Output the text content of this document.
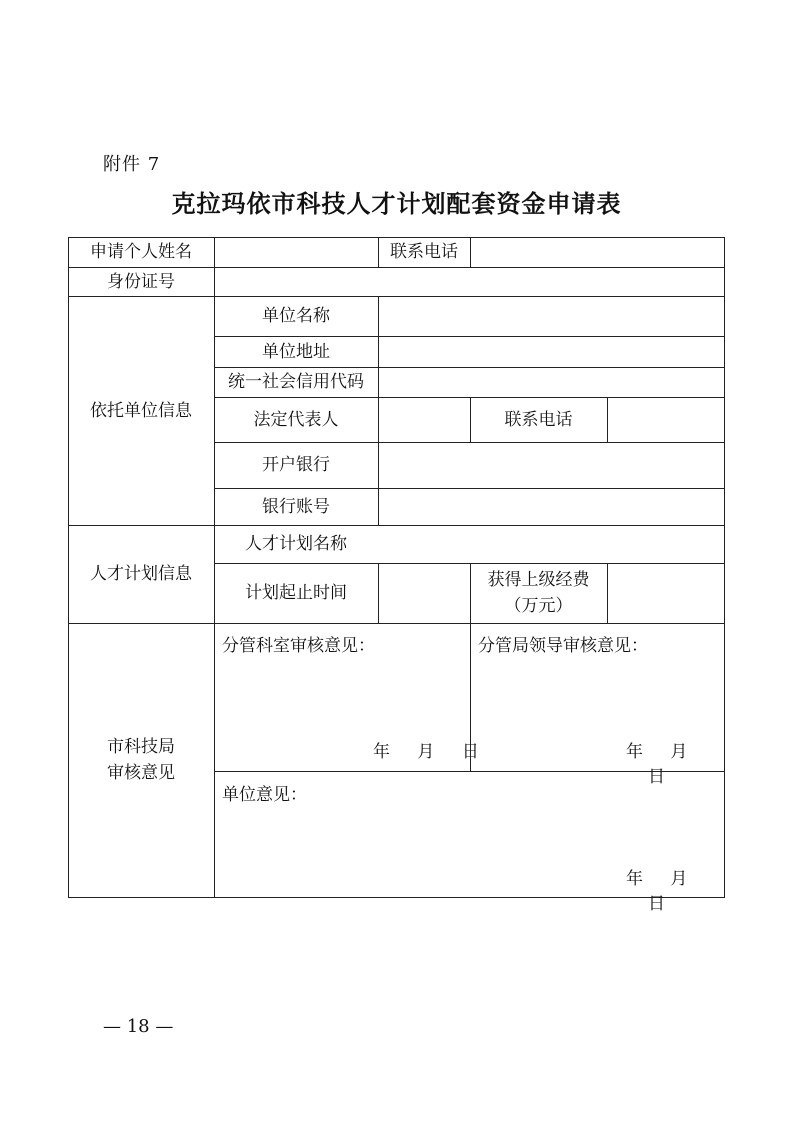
附件 7
克拉玛依市科技人才计划配套资金申请表
申请个人姓名	联系电话
身份证号
依托单位信息
单位名称
单位地址
统一社会信用代码
法定代表人	联系电话
开户银行
银行账号
人才计划信息
人才计划名称
计划起止时间
获得上级经费
（万元）
市科技局
审核意见
分管科室审核意见：
年 月 日
分管局领导审核意见：
年 月 日
单位意见：
年 月 日
— 18 —
